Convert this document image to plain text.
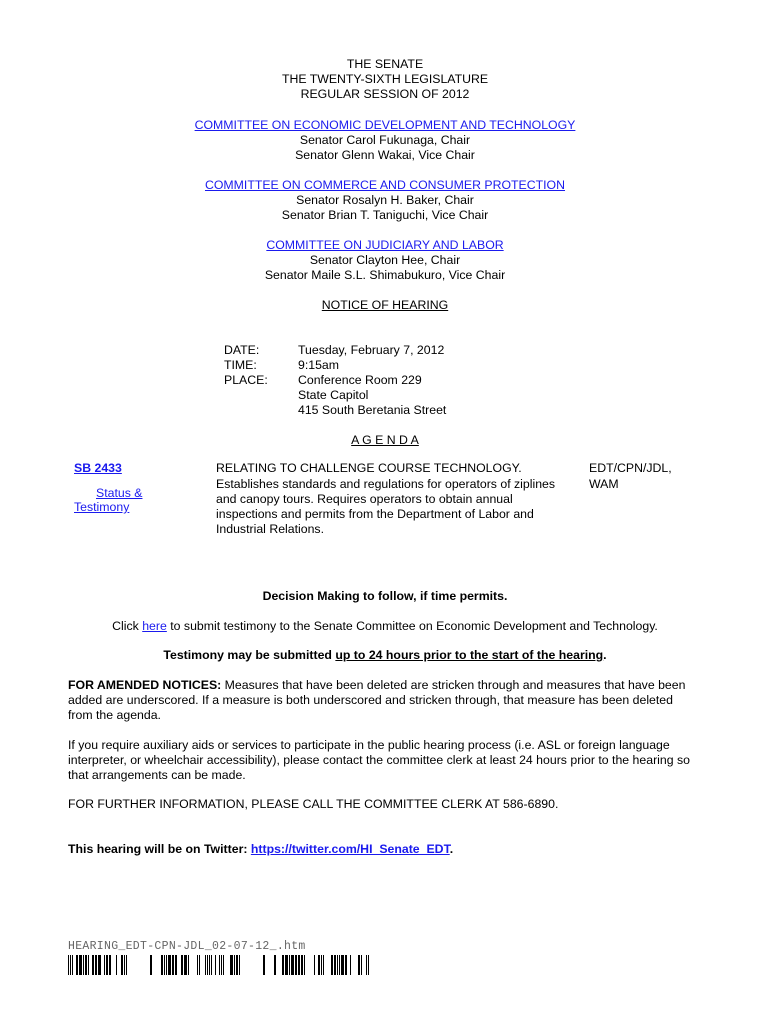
THE SENATE
THE TWENTY-SIXTH LEGISLATURE
REGULAR SESSION OF 2012
COMMITTEE ON ECONOMIC DEVELOPMENT AND TECHNOLOGY
Senator Carol Fukunaga, Chair
Senator Glenn Wakai, Vice Chair
COMMITTEE ON COMMERCE AND CONSUMER PROTECTION
Senator Rosalyn H. Baker, Chair
Senator Brian T. Taniguchi, Vice Chair
COMMITTEE ON JUDICIARY AND LABOR
Senator Clayton Hee, Chair
Senator Maile S.L. Shimabukuro, Vice Chair
NOTICE OF HEARING
DATE:	Tuesday, February 7, 2012
TIME:	9:15am
PLACE: Conference Room 229
State Capitol
415 South Beretania Street
A G E N D A
SB 2433
Status &
Testimony
RELATING TO CHALLENGE COURSE TECHNOLOGY.
Establishes standards and regulations for operators of ziplines
and canopy tours. Requires operators to obtain annual
inspections and permits from the Department of Labor and
Industrial Relations.
EDT/CPN/JDL,
WAM
Decision Making to follow, if time permits.
Click here to submit testimony to the Senate Committee on Economic Development and Technology.
Testimony may be submitted up to 24 hours prior to the start of the hearing.
FOR AMENDED NOTICES: Measures that have been deleted are stricken through and measures that have been added are underscored. If a measure is both underscored and stricken through, that measure has been deleted from the agenda.
If you require auxiliary aids or services to participate in the public hearing process (i.e. ASL or foreign language interpreter, or wheelchair accessibility), please contact the committee clerk at least 24 hours prior to the hearing so that arrangements can be made.
FOR FURTHER INFORMATION, PLEASE CALL THE COMMITTEE CLERK AT 586-6890.
This hearing will be on Twitter: https://twitter.com/HI_Senate_EDT.
HEARING_EDT-CPN-JDL_02-07-12_.htm
